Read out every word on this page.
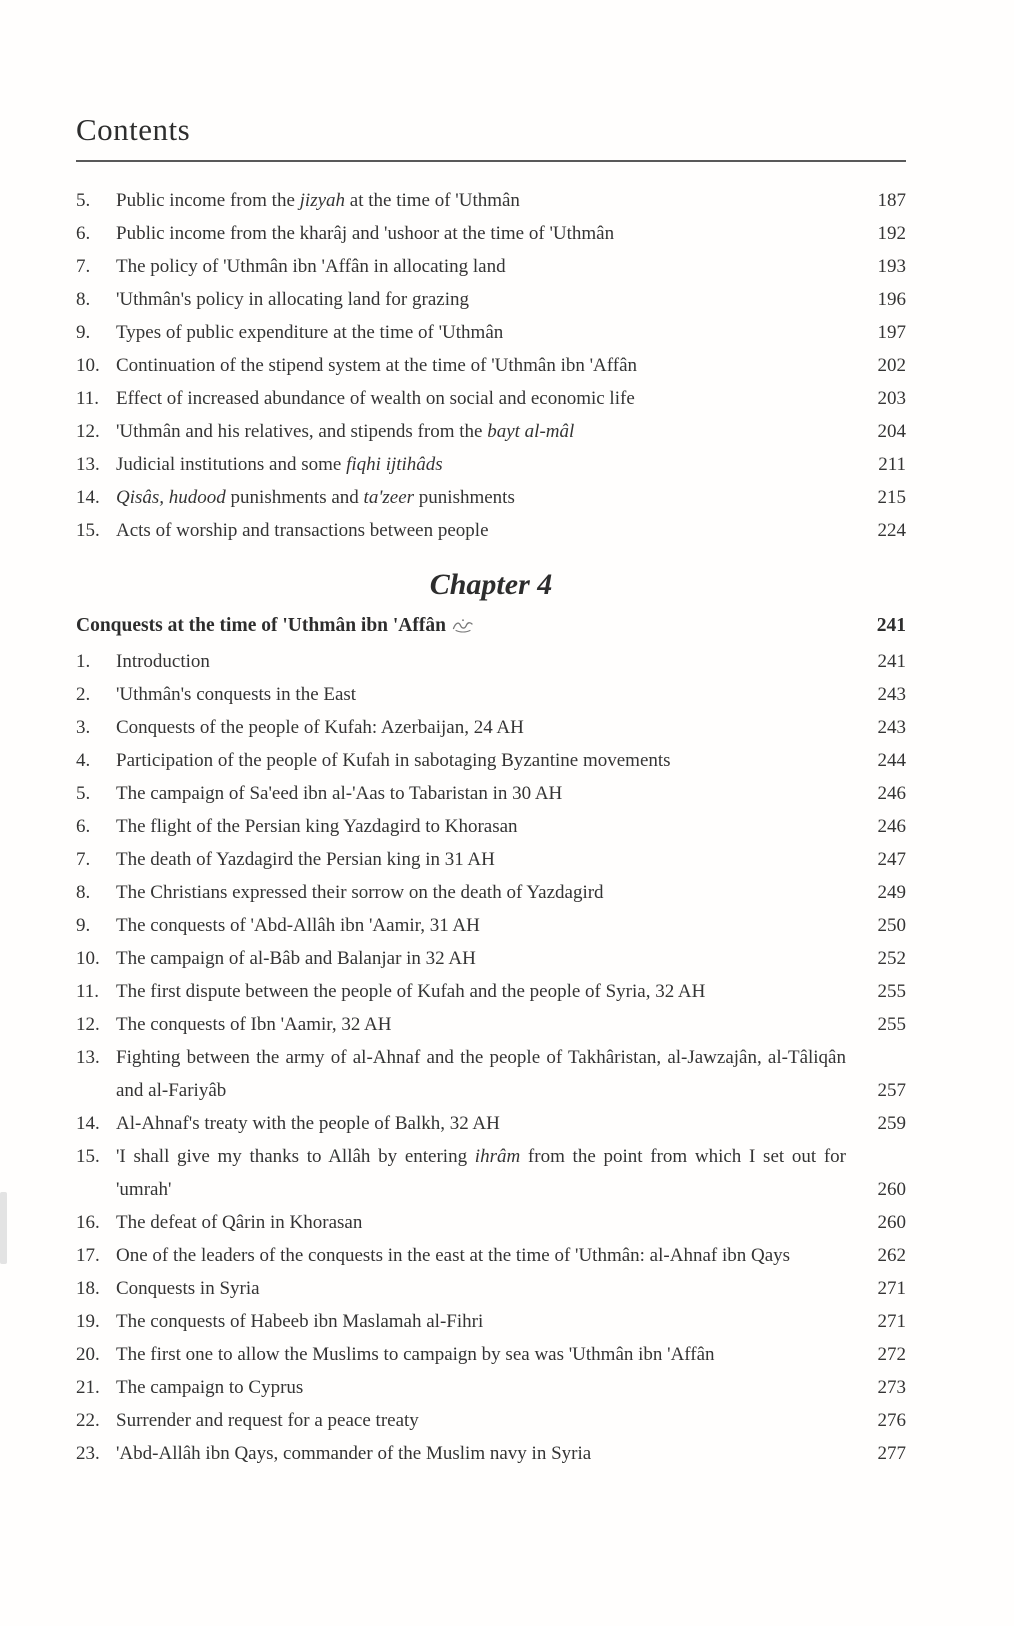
Contents
5.	Public income from the jizyah at the time of 'Uthmân	187
6.	Public income from the kharâj and 'ushoor at the time of 'Uthmân	192
7.	The policy of 'Uthmân ibn 'Affân in allocating land	193
8.	'Uthmân's policy in allocating land for grazing	196
9.	Types of public expenditure at the time of 'Uthmân	197
10. Continuation of the stipend system at the time of 'Uthmân ibn 'Affân	202
11. Effect of increased abundance of wealth on social and economic life	203
12. 'Uthmân and his relatives, and stipends from the bayt al-mâl	204
13. Judicial institutions and some fiqhi ijtihâds	211
14. Qisâs, hudood punishments and ta'zeer punishments	215
15. Acts of worship and transactions between people	224
Chapter 4
Conquests at the time of 'Uthmân ibn 'Affân	241
1.	Introduction	241
2.	'Uthmân's conquests in the East	243
3.	Conquests of the people of Kufah: Azerbaijan, 24 AH	243
4.	Participation of the people of Kufah in sabotaging Byzantine movements	244
5.	The campaign of Sa'eed ibn al-'Aas to Tabaristan in 30 AH	246
6.	The flight of the Persian king Yazdagird to Khorasan	246
7.	The death of Yazdagird the Persian king in 31 AH	247
8.	The Christians expressed their sorrow on the death of Yazdagird	249
9.	The conquests of 'Abd-Allâh ibn 'Aamir, 31 AH	250
10. The campaign of al-Bâb and Balanjar in 32 AH	252
11. The first dispute between the people of Kufah and the people of Syria, 32 AH	255
12. The conquests of Ibn 'Aamir, 32 AH	255
13. Fighting between the army of al-Ahnaf and the people of Takhâristan, al-Jawzajân, al-Tâliqân and al-Fariyâb	257
14. Al-Ahnaf's treaty with the people of Balkh, 32 AH	259
15. 'I shall give my thanks to Allâh by entering ihrâm from the point from which I set out for 'umrah'	260
16. The defeat of Qârin in Khorasan	260
17. One of the leaders of the conquests in the east at the time of 'Uthmân: al-Ahnaf ibn Qays	262
18. Conquests in Syria	271
19. The conquests of Habeeb ibn Maslamah al-Fihri	271
20. The first one to allow the Muslims to campaign by sea was 'Uthmân ibn 'Affân	272
21. The campaign to Cyprus	273
22. Surrender and request for a peace treaty	276
23. 'Abd-Allâh ibn Qays, commander of the Muslim navy in Syria	277
